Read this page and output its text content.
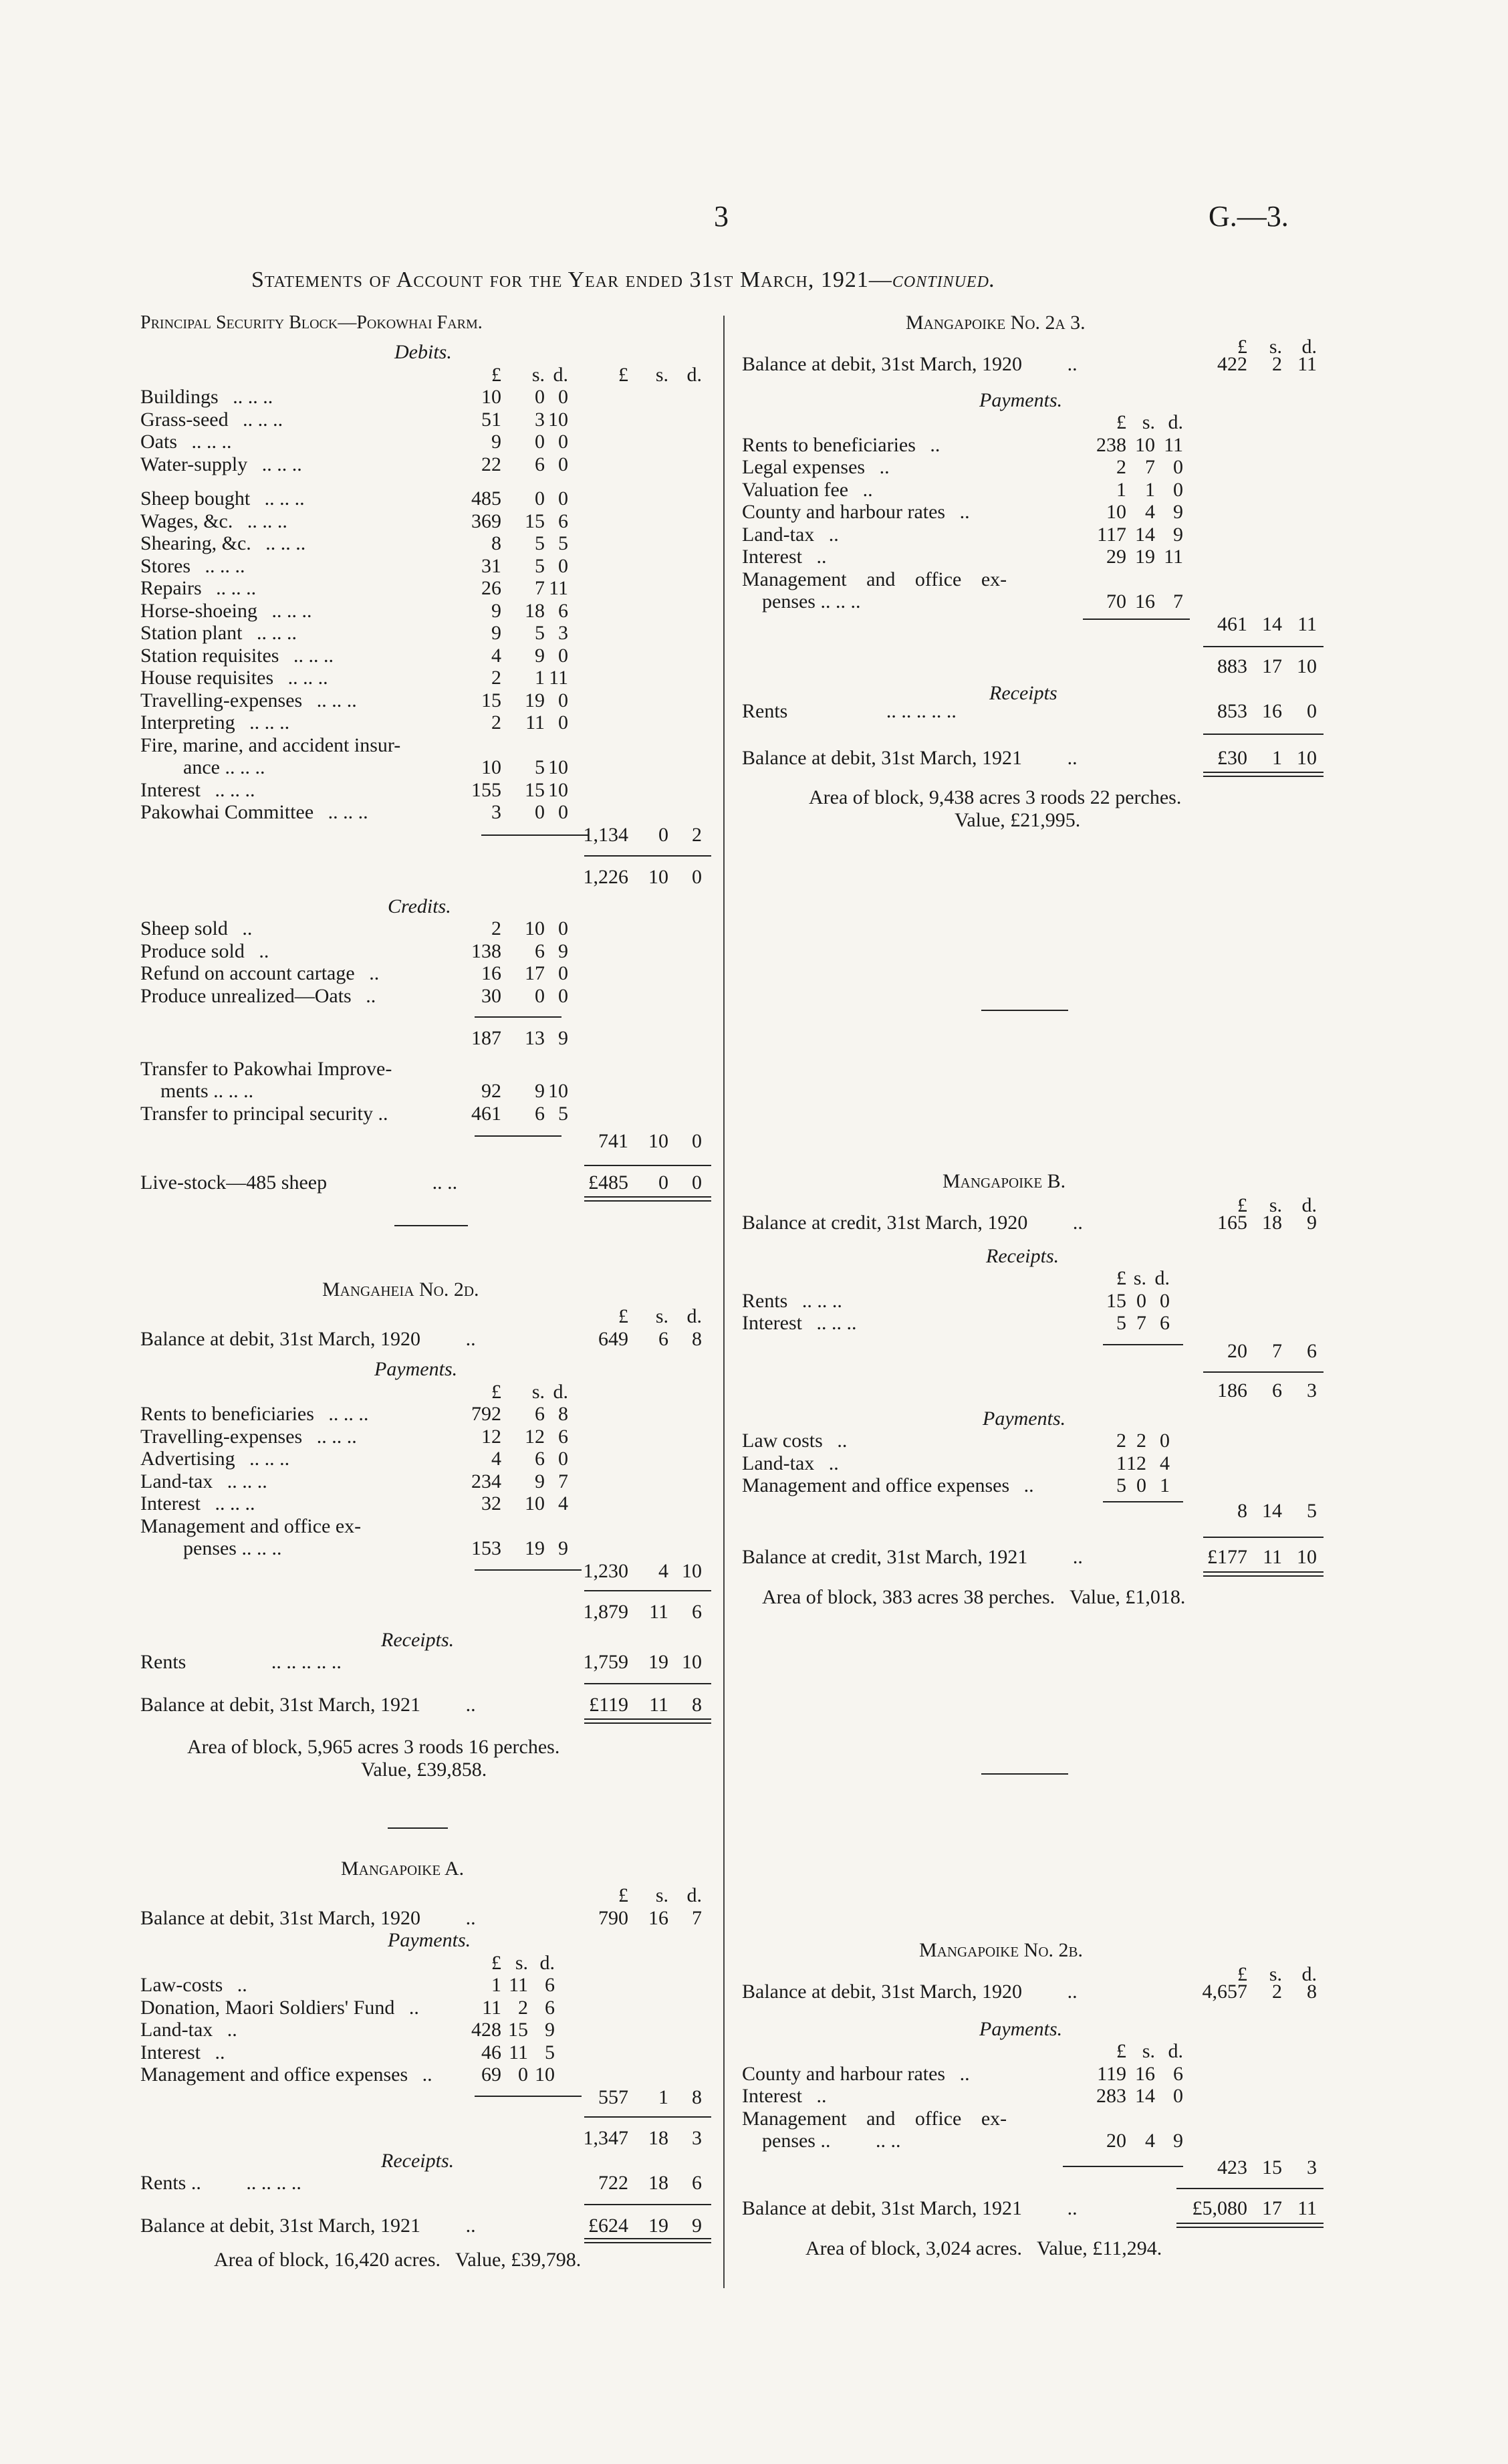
3	G.—3.
Statements of Account for the Year ended 31st March, 1921—continued.
Principal Security Block—Pokowhai Farm.
Debits.
£	s. d.	£	s. d.
Buildings .. .. ..	10	0 0
Grass-seed .. .. ..	51	3 10
Oats .. .. ..	9	0 0
Water-supply .. .. ..	22	6 0
Sheep bought .. .. ..	485	0 0
Wages, &c. .. .. ..	369	15 6
Shearing, &c. .. .. ..	8	5 5
Stores .. .. ..	31	5 0
Repairs .. .. ..	26	7 11
Horse-shoeing .. .. ..	9	18 6
Station plant .. .. ..	9	5 3
Station requisites .. .. ..	4	9 0
House requisites .. .. ..	2	1 11
Travelling-expenses .. .. ..	15	19 0
Interpreting .. .. ..	2	11 0
Fire, marine, and accident insur-
ance .. .. ..	10	5 10
Interest .. .. ..	155	15 10
Pakowhai Committee .. .. ..	3	0 0
1,134	0	2
1,226	10	0
Credits.
Sheep sold ..	2	10 0
Produce sold ..	138	6 9
Refund on account cartage ..	16	17 0
Produce unrealized—Oats ..	30	0 0
187	13 9
Transfer to Pakowhai Improve-
ments .. .. ..	92	9 10
Transfer to principal security ..	461	6 5
741	10	0
Live-stock—485 sheep	.. ..	£485	0	0
Mangaheia No. 2d.
£	s. d.
Balance at debit, 31st March, 1920 ..	649	6	8
Payments.
£	s. d.
Rents to beneficiaries .. .. ..	792	6 8
Travelling-expenses .. .. ..	12	12 6
Advertising .. .. ..	4	6 0
Land-tax .. .. ..	234	9 7
Interest .. .. ..	32	10 4
Management and office ex-
penses .. .. ..	153	19 9
1,230	4 10
1,879	11	6
Receipts.
Rents	.. .. .. .. ..	1,759	19 10
Balance at debit, 31st March, 1921 ..	£119	11	8
Area of block, 5,965 acres 3 roods 16 perches.
Value, £39,858.
Mangapoike A.
£	s. d.
Balance at debit, 31st March, 1920 ..	790	16	7
Payments.
£ s. d.
Law-costs ..	1 11 6
Donation, Maori Soldiers' Fund ..	11 2 6
Land-tax ..	428 15 9
Interest ..	46 11 5
Management and office expenses ..	69 0 10
557	1	8
1,347	18	3
Receipts.
Rents .. .. .. .. ..	722	18	6
Balance at debit, 31st March, 1921 ..	£624	19	9
Area of block, 16,420 acres.   Value, £39,798.
Mangapoike No. 2a 3.
£	s. d.
Balance at debit, 31st March, 1920 ..	422	2 11
Payments.
£ s. d.
Rents to beneficiaries ..	238 10 11
Legal expenses ..	2 7 0
Valuation fee ..	1 1 0
County and harbour rates ..	10 4 9
Land-tax ..	117 14 9
Interest ..	29 19 11
Management and office ex-
penses .. .. ..	70 16 7
461 14 11
883 17 10
Receipts
Rents	.. .. .. .. ..	853 16	0
Balance at debit, 31st March, 1921 ..	£30	1 10
Area of block, 9,438 acres 3 roods 22 perches.
Value, £21,995.
Mangapoike B.
£	s. d.
Balance at credit, 31st March, 1920 ..	165 18	9
Receipts.
£ s. d.
Rents .. .. ..	15 0 0
Interest .. .. ..	5 7 6
20	7	6
186	6	3
Payments.
Law costs ..	2 2 0
Land-tax ..	1 12 4
Management and office expenses ..	5 0 1
8 14	5
Balance at credit, 31st March, 1921 ..	£177 11 10
Area of block, 383 acres 38 perches.   Value, £1,018.
Mangapoike No. 2b.
£	s. d.
Balance at debit, 31st March, 1920 ..	4,657	2	8
Payments.
£ s. d.
County and harbour rates ..	119 16 6
Interest ..	283 14 0
Management and office ex-
penses .. .. ..	20 4 9
423 15	3
Balance at debit, 31st March, 1921 ..	£5,080 17 11
Area of block, 3,024 acres.   Value, £11,294.
